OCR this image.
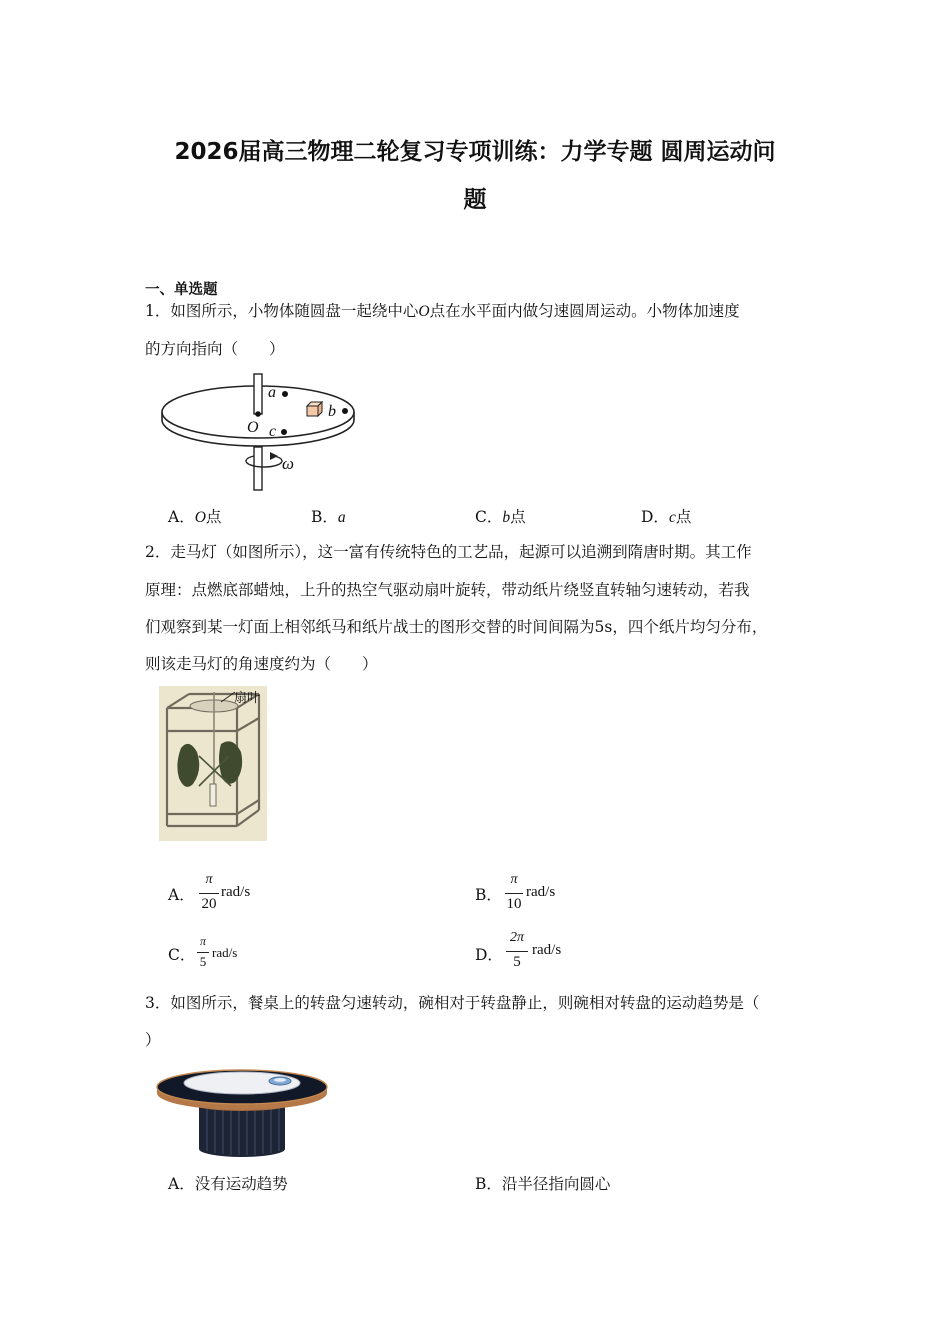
2026届高三物理二轮复习专项训练：力学专题 圆周运动问
题
一、单选题
1．如图所示，小物体随圆盘一起绕中心O点在水平面内做匀速圆周运动。小物体加速度
的方向指向（　　）
a
b
c
O
ω
A．O点	B．a	C．b点	D．c点
2．走马灯（如图所示），这一富有传统特色的工艺品，起源可以追溯到隋唐时期。其工作
原理：点燃底部蜡烛，上升的热空气驱动扇叶旋转，带动纸片绕竖直转轴匀速转动，若我
们观察到某一灯面上相邻纸马和纸片战士的图形交替的时间间隔为5s，四个纸片均匀分布，
则该走马灯的角速度约为（　　）
扇叶
A．
π
20
rad/s	B．
π
10
rad/s
C．
π
5
rad/s	D．
2π
5
rad/s
3．如图所示，餐桌上的转盘匀速转动，碗相对于转盘静止，则碗相对转盘的运动趋势是（
）
A．没有运动趋势	B．沿半径指向圆心
